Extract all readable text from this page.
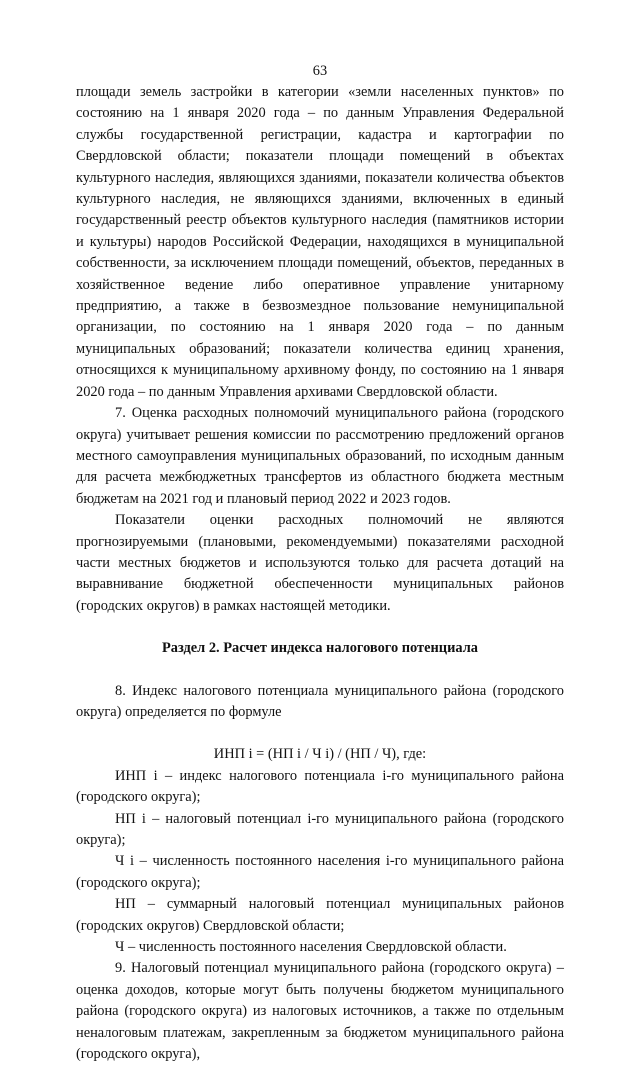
63

площади земель застройки в категории «земли населенных пунктов» по состоянию на 1 января 2020 года – по данным Управления Федеральной службы государственной регистрации, кадастра и картографии по Свердловской области; показатели площади помещений в объектах культурного наследия, являющихся зданиями, показатели количества объектов культурного наследия, не являющихся зданиями, включенных в единый государственный реестр объектов культурного наследия (памятников истории и культуры) народов Российской Федерации, находящихся в муниципальной собственности, за исключением площади помещений, объектов, переданных в хозяйственное ведение либо оперативное управление унитарному предприятию, а также в безвозмездное пользование немуниципальной организации, по состоянию на 1 января 2020 года – по данным муниципальных образований; показатели количества единиц хранения, относящихся к муниципальному архивному фонду, по состоянию на 1 января 2020 года – по данным Управления архивами Свердловской области.

7. Оценка расходных полномочий муниципального района (городского округа) учитывает решения комиссии по рассмотрению предложений органов местного самоуправления муниципальных образований, по исходным данным для расчета межбюджетных трансфертов из областного бюджета местным бюджетам на 2021 год и плановый период 2022 и 2023 годов.

Показатели оценки расходных полномочий не являются прогнозируемыми (плановыми, рекомендуемыми) показателями расходной части местных бюджетов и используются только для расчета дотаций на выравнивание бюджетной обеспеченности муниципальных районов (городских округов) в рамках настоящей методики.

Раздел 2. Расчет индекса налогового потенциала

8. Индекс налогового потенциала муниципального района (городского округа) определяется по формуле

ИНП i = (НП i / Ч i) / (НП / Ч), где:

ИНП i – индекс налогового потенциала i-го муниципального района (городского округа);

НП i – налоговый потенциал i-го муниципального района (городского округа);

Ч i – численность постоянного населения i-го муниципального района (городского округа);

НП – суммарный налоговый потенциал муниципальных районов (городских округов) Свердловской области;

Ч – численность постоянного населения Свердловской области.

9. Налоговый потенциал муниципального района (городского округа) – оценка доходов, которые могут быть получены бюджетом муниципального района (городского округа) из налоговых источников, а также по отдельным неналоговым платежам, закрепленным за бюджетом муниципального района (городского округа),
